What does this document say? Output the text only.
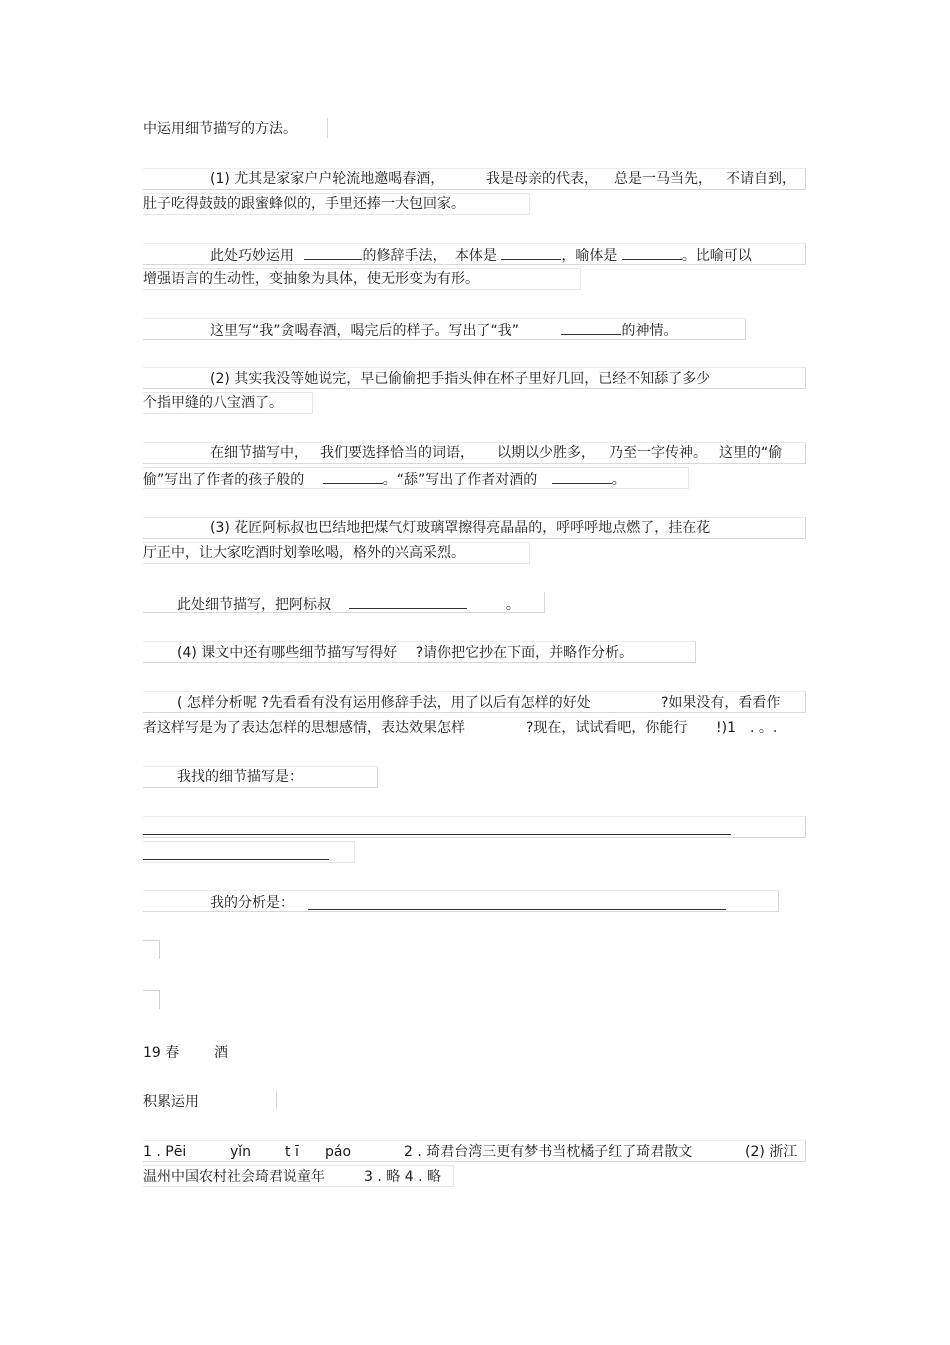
中运用细节描写的方法。
(1) 尤其是家家户户轮流地邀喝春酒，	我是母亲的代表， 总是一马当先， 不请自到，
肚子吃得鼓鼓的跟蜜蜂似的，手里还捧一大包回家。
此处巧妙运用	的修辞手法， 本体是	，喻体是	。比喻可以
增强语言的生动性，变抽象为具体，使无形变为有形。
这里写“我”贪喝春酒，喝完后的样子。写出了“我”	的神情。
(2) 其实我没等她说完，早已偷偷把手指头伸在杯子里好几回，已经不知舔了多少
个指甲缝的八宝酒了。
在细节描写中， 我们要选择恰当的词语， 以期以少胜多， 乃至一字传神。 这里的“偷
偷”写出了作者的孩子般的	。“舔”写出了作者对酒的	。
(3) 花匠阿标叔也巴结地把煤气灯玻璃罩擦得亮晶晶的，呼呼呼地点燃了，挂在花
厅正中，让大家吃酒时划拳吆喝，格外的兴高采烈。
此处细节描写，把阿标叔	。
(4) 课文中还有哪些细节描写写得好　 ?请你把它抄在下面，并略作分析。
( 怎样分析呢 ?先看看有没有运用修辞手法，用了以后有怎样的好处	?如果没有，看看作
者这样写是为了表达怎样的思想感情，表达效果怎样	?现在，试试看吧，你能行 !)1 . 。.
我找的细节描写是：
我的分析是：
19 春 酒
积累运用
1 . Pēi	yǐn t ī páo	2 . 琦君台湾三更有梦书当枕橘子红了琦君散文	(2) 浙江
温州中国农村社会琦君说童年	3 . 略 4 . 略
